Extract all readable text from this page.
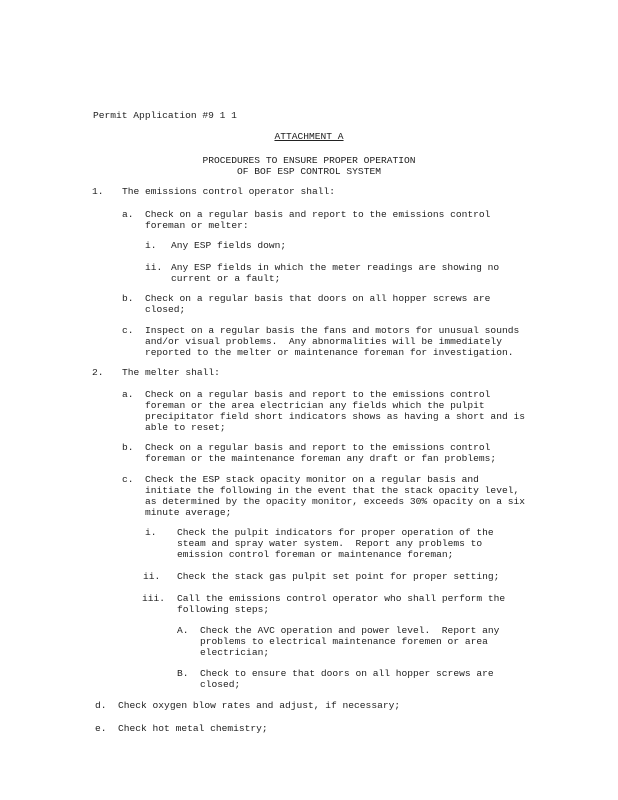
Permit Application #9 1 1
ATTACHMENT A
PROCEDURES TO ENSURE PROPER OPERATION
OF BOF ESP CONTROL SYSTEM
1. The emissions control operator shall:
a. Check on a regular basis and report to the emissions control
foreman or melter:
i. Any ESP fields down;
ii. Any ESP fields in which the meter readings are showing no
current or a fault;
b. Check on a regular basis that doors on all hopper screws are
closed;
c. Inspect on a regular basis the fans and motors for unusual sounds
and/or visual problems.  Any abnormalities will be immediately
reported to the melter or maintenance foreman for investigation.
2. The melter shall:
a. Check on a regular basis and report to the emissions control
foreman or the area electrician any fields which the pulpit
precipitator field short indicators shows as having a short and is
able to reset;
b. Check on a regular basis and report to the emissions control
foreman or the maintenance foreman any draft or fan problems;
c. Check the ESP stack opacity monitor on a regular basis and
initiate the following in the event that the stack opacity level,
as determined by the opacity monitor, exceeds 30% opacity on a six
minute average;
i. Check the pulpit indicators for proper operation of the
steam and spray water system.  Report any problems to
emission control foreman or maintenance foreman;
ii. Check the stack gas pulpit set point for proper setting;
iii. Call the emissions control operator who shall perform the
following steps;
A. Check the AVC operation and power level.  Report any
problems to electrical maintenance foremen or area
electrician;
B. Check to ensure that doors on all hopper screws are
closed;
d. Check oxygen blow rates and adjust, if necessary;
e. Check hot metal chemistry;
